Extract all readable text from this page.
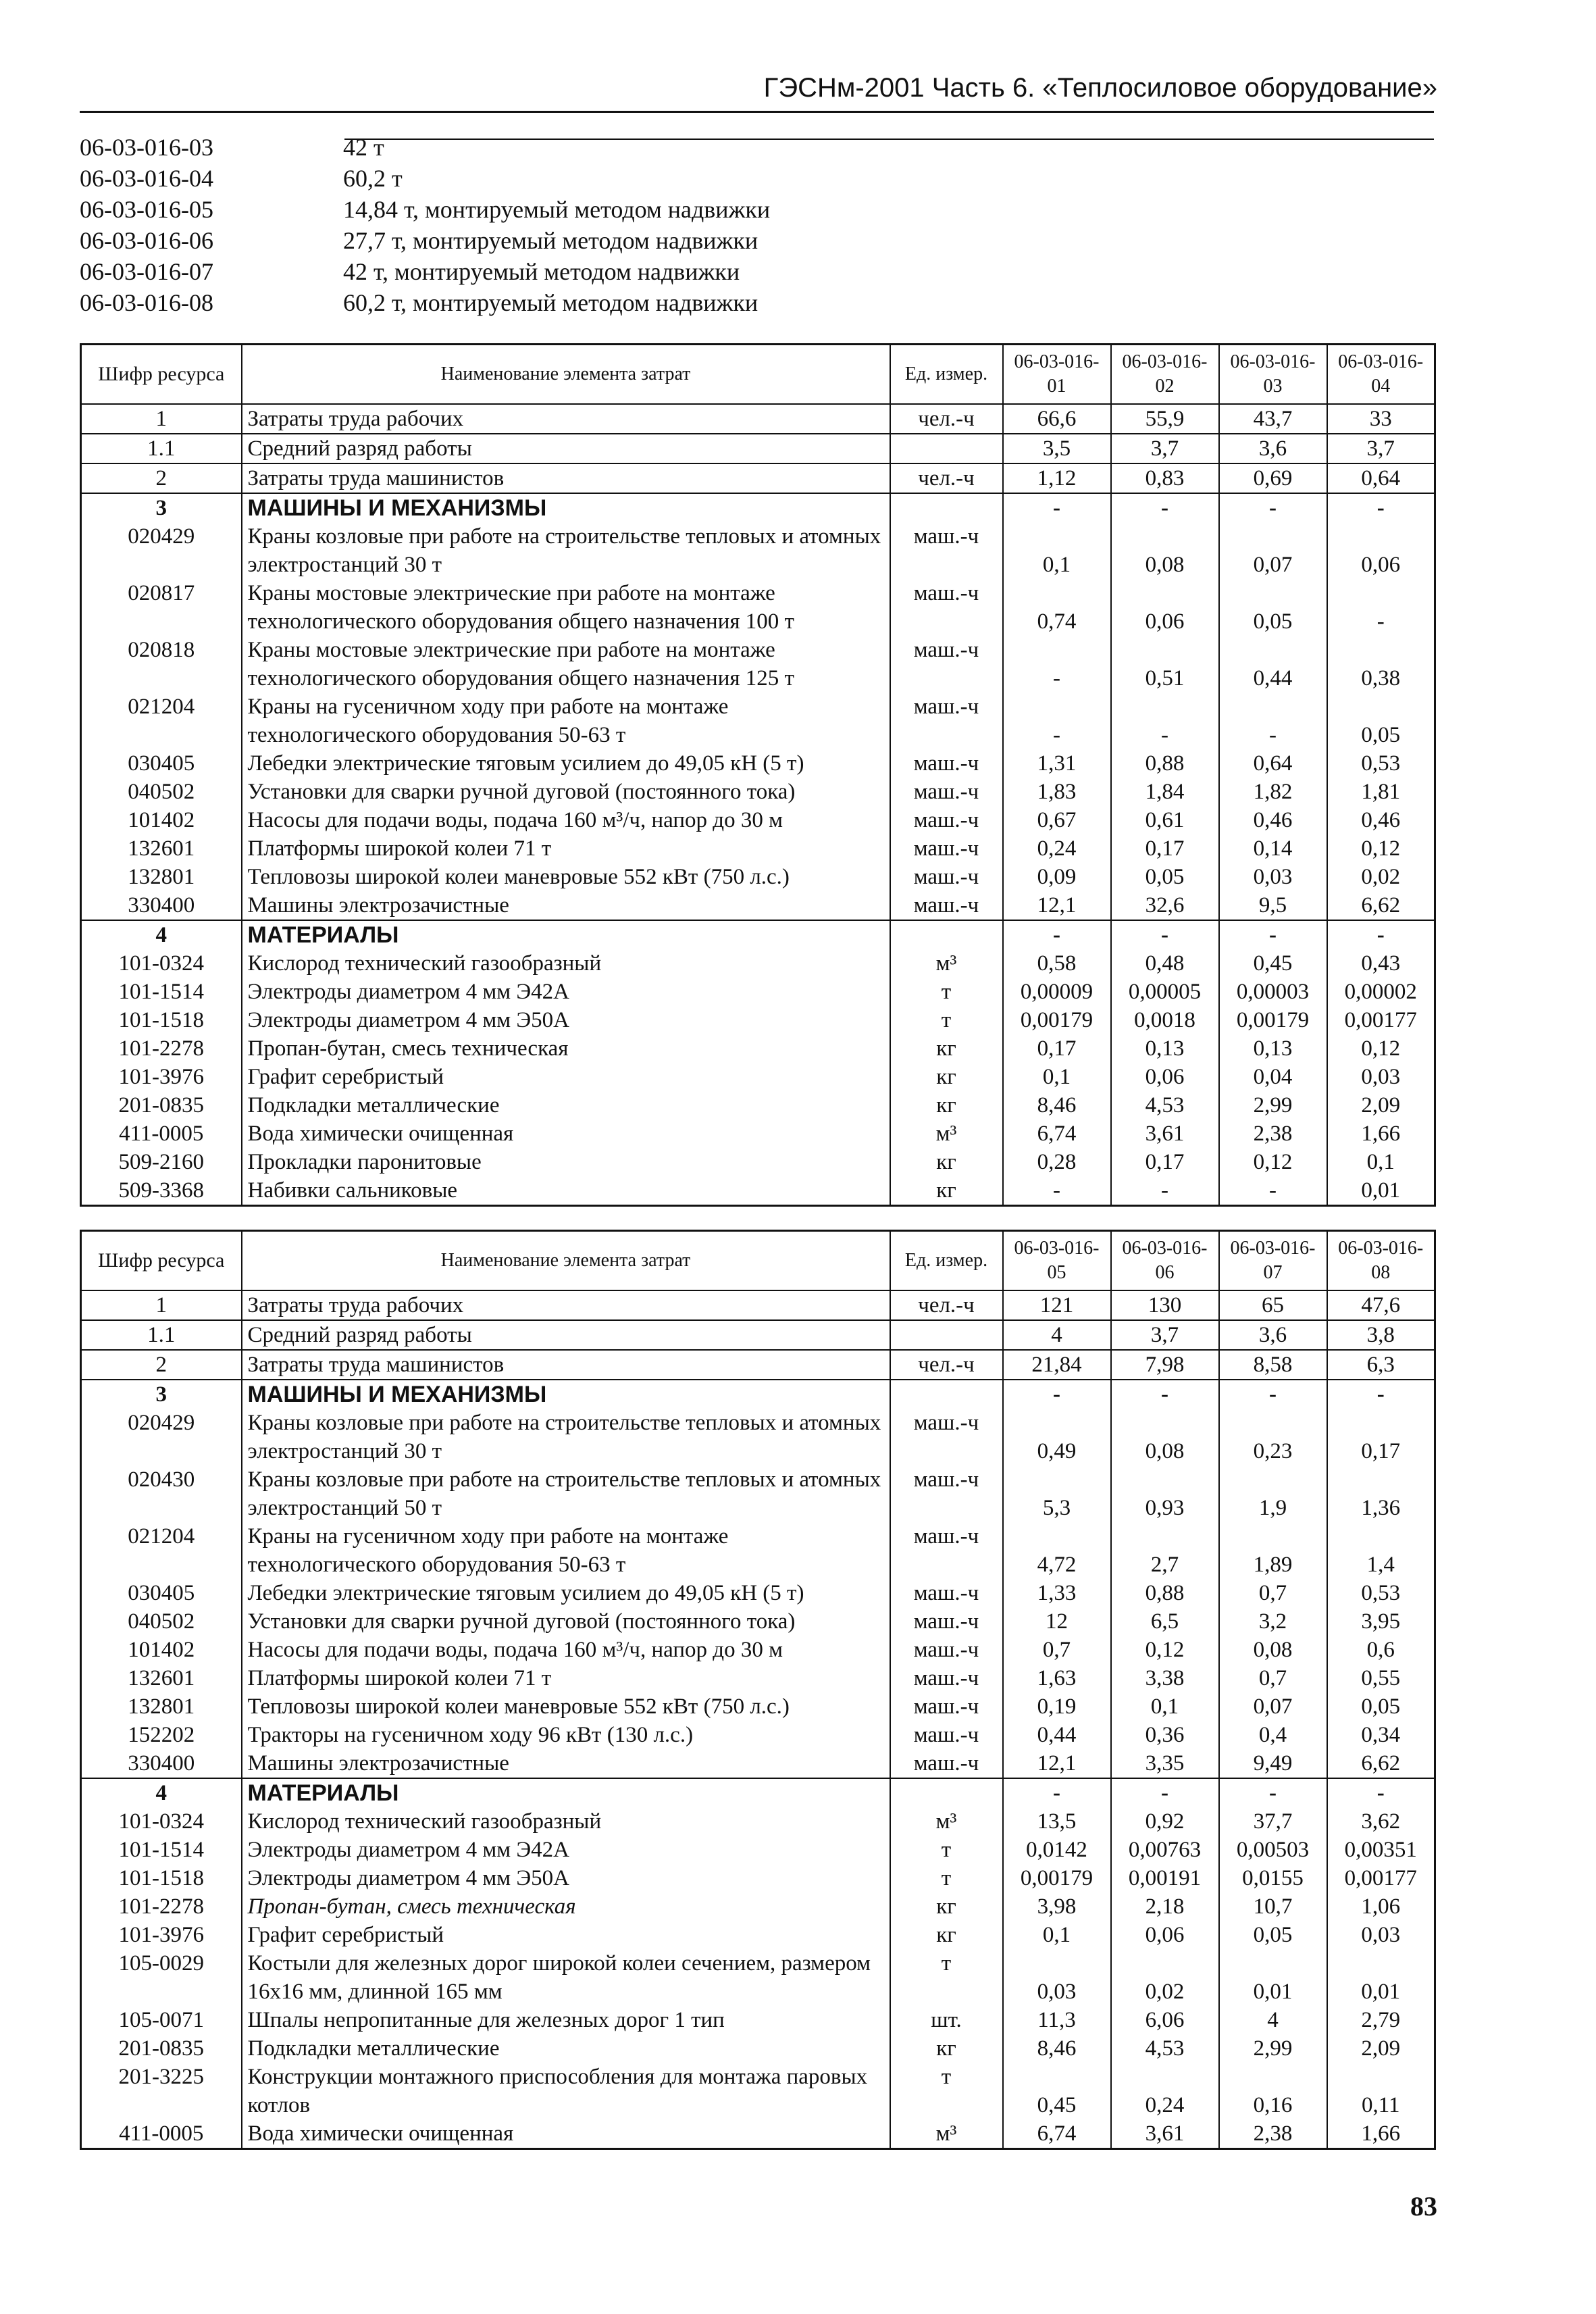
ГЭСНм-2001 Часть 6. «Теплосиловое оборудование»
06-03-016-03	42 т
06-03-016-04	60,2 т
06-03-016-05	14,84 т, монтируемый методом надвижки
06-03-016-06	27,7 т, монтируемый методом надвижки
06-03-016-07	42 т, монтируемый методом надвижки
06-03-016-08	60,2 т, монтируемый методом надвижки
Шифр ресурса	Наименование элемента затрат	Ед. измер.	06-03-016-01	06-03-016-02	06-03-016-03	06-03-016-04
1	Затраты труда рабочих	чел.-ч	66,6	55,9	43,7	33
1.1	Средний разряд работы		3,5	3,7	3,6	3,7
2	Затраты труда машинистов	чел.-ч	1,12	0,83	0,69	0,64
3	МАШИНЫ И МЕХАНИЗМЫ		-	-	-	-
020429	Краны козловые при работе на строительстве тепловых и атомных электростанций 30 т	маш.-ч	0,1	0,08	0,07	0,06
020817	Краны мостовые электрические при работе на монтаже технологического оборудования общего назначения 100 т	маш.-ч	0,74	0,06	0,05	-
020818	Краны мостовые электрические при работе на монтаже технологического оборудования общего назначения 125 т	маш.-ч	-	0,51	0,44	0,38
021204	Краны на гусеничном ходу при работе на монтаже технологического оборудования 50-63 т	маш.-ч	-	-	-	0,05
030405	Лебедки электрические тяговым усилием до 49,05 кН (5 т)	маш.-ч	1,31	0,88	0,64	0,53
040502	Установки для сварки ручной дуговой (постоянного тока)	маш.-ч	1,83	1,84	1,82	1,81
101402	Насосы для подачи воды, подача 160 м³/ч, напор до 30 м	маш.-ч	0,67	0,61	0,46	0,46
132601	Платформы широкой колеи 71 т	маш.-ч	0,24	0,17	0,14	0,12
132801	Тепловозы широкой колеи маневровые 552 кВт (750 л.с.)	маш.-ч	0,09	0,05	0,03	0,02
330400	Машины электрозачистные	маш.-ч	12,1	32,6	9,5	6,62
4	МАТЕРИАЛЫ		-	-	-	-
101-0324	Кислород технический газообразный	м³	0,58	0,48	0,45	0,43
101-1514	Электроды диаметром 4 мм Э42А	т	0,00009	0,00005	0,00003	0,00002
101-1518	Электроды диаметром 4 мм Э50А	т	0,00179	0,0018	0,00179	0,00177
101-2278	Пропан-бутан, смесь техническая	кг	0,17	0,13	0,13	0,12
101-3976	Графит серебристый	кг	0,1	0,06	0,04	0,03
201-0835	Подкладки металлические	кг	8,46	4,53	2,99	2,09
411-0005	Вода химически очищенная	м³	6,74	3,61	2,38	1,66
509-2160	Прокладки паронитовые	кг	0,28	0,17	0,12	0,1
509-3368	Набивки сальниковые	кг	-	-	-	0,01
Шифр ресурса	Наименование элемента затрат	Ед. измер.	06-03-016-05	06-03-016-06	06-03-016-07	06-03-016-08
1	Затраты труда рабочих	чел.-ч	121	130	65	47,6
1.1	Средний разряд работы		4	3,7	3,6	3,8
2	Затраты труда машинистов	чел.-ч	21,84	7,98	8,58	6,3
3	МАШИНЫ И МЕХАНИЗМЫ		-	-	-	-
020429	Краны козловые при работе на строительстве тепловых и атомных электростанций 30 т	маш.-ч	0,49	0,08	0,23	0,17
020430	Краны козловые при работе на строительстве тепловых и атомных электростанций 50 т	маш.-ч	5,3	0,93	1,9	1,36
021204	Краны на гусеничном ходу при работе на монтаже технологического оборудования 50-63 т	маш.-ч	4,72	2,7	1,89	1,4
030405	Лебедки электрические тяговым усилием до 49,05 кН (5 т)	маш.-ч	1,33	0,88	0,7	0,53
040502	Установки для сварки ручной дуговой (постоянного тока)	маш.-ч	12	6,5	3,2	3,95
101402	Насосы для подачи воды, подача 160 м³/ч, напор до 30 м	маш.-ч	0,7	0,12	0,08	0,6
132601	Платформы широкой колеи 71 т	маш.-ч	1,63	3,38	0,7	0,55
132801	Тепловозы широкой колеи маневровые 552 кВт (750 л.с.)	маш.-ч	0,19	0,1	0,07	0,05
152202	Тракторы на гусеничном ходу 96 кВт (130 л.с.)	маш.-ч	0,44	0,36	0,4	0,34
330400	Машины электрозачистные	маш.-ч	12,1	3,35	9,49	6,62
4	МАТЕРИАЛЫ		-	-	-	-
101-0324	Кислород технический газообразный	м³	13,5	0,92	37,7	3,62
101-1514	Электроды диаметром 4 мм Э42А	т	0,0142	0,00763	0,00503	0,00351
101-1518	Электроды диаметром 4 мм Э50А	т	0,00179	0,00191	0,0155	0,00177
101-2278	Пропан-бутан, смесь техническая	кг	3,98	2,18	10,7	1,06
101-3976	Графит серебристый	кг	0,1	0,06	0,05	0,03
105-0029	Костыли для железных дорог широкой колеи сечением, размером 16х16 мм, длинной 165 мм	т	0,03	0,02	0,01	0,01
105-0071	Шпалы непропитанные для железных дорог 1 тип	шт.	11,3	6,06	4	2,79
201-0835	Подкладки металлические	кг	8,46	4,53	2,99	2,09
201-3225	Конструкции монтажного приспособления для монтажа паровых котлов	т	0,45	0,24	0,16	0,11
411-0005	Вода химически очищенная	м³	6,74	3,61	2,38	1,66
83
